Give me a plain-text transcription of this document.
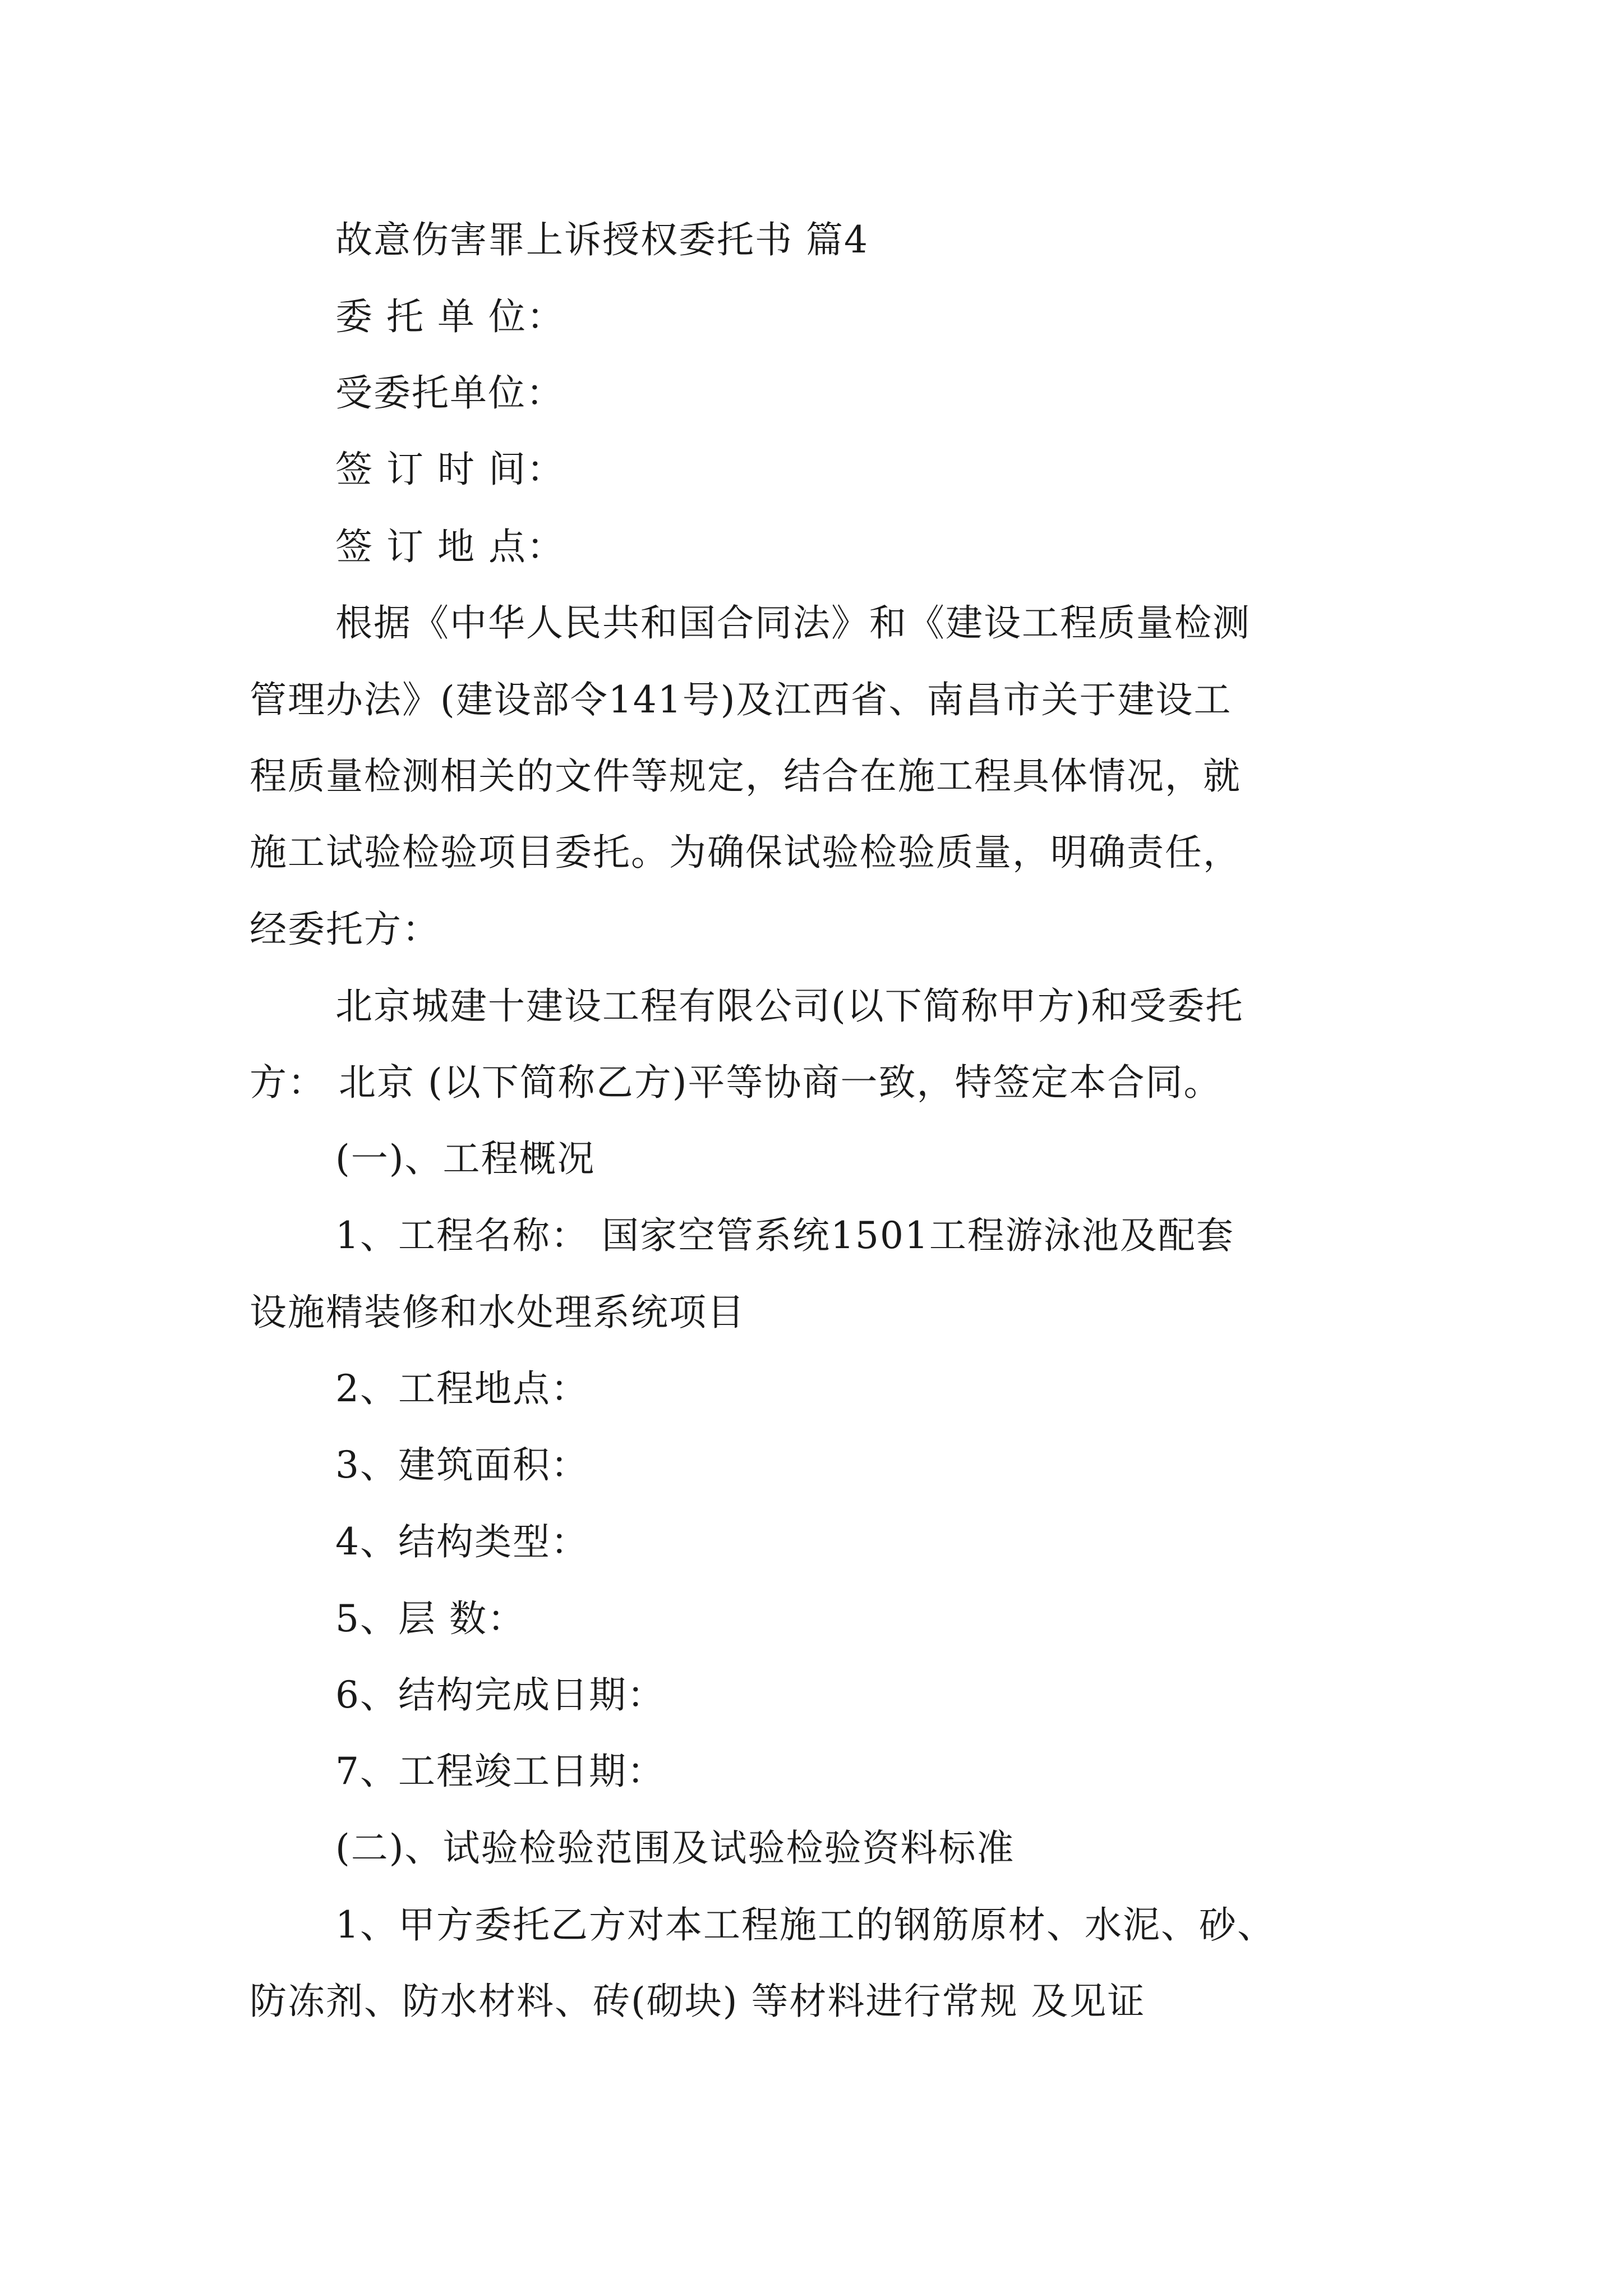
故意伤害罪上诉授权委托书 篇4
委 托 单 位：
受委托单位：
签 订 时 间：
签 订 地 点：
根据《中华人民共和国合同法》和《建设工程质量检测
管理办法》(建设部令141号)及江西省、南昌市关于建设工
程质量检测相关的文件等规定，结合在施工程具体情况，就
施工试验检验项目委托。为确保试验检验质量，明确责任，
经委托方：
北京城建十建设工程有限公司(以下简称甲方)和受委托
方： 北京 (以下简称乙方)平等协商一致，特签定本合同。
(一)、工程概况
1、工程名称： 国家空管系统1501工程游泳池及配套
设施精装修和水处理系统项目
2、工程地点：
3、建筑面积：
4、结构类型：
5、层 数：
6、结构完成日期：
7、工程竣工日期：
(二)、试验检验范围及试验检验资料标准
1、甲方委托乙方对本工程施工的钢筋原材、水泥、砂、
防冻剂、防水材料、砖(砌块) 等材料进行常规 及见证
